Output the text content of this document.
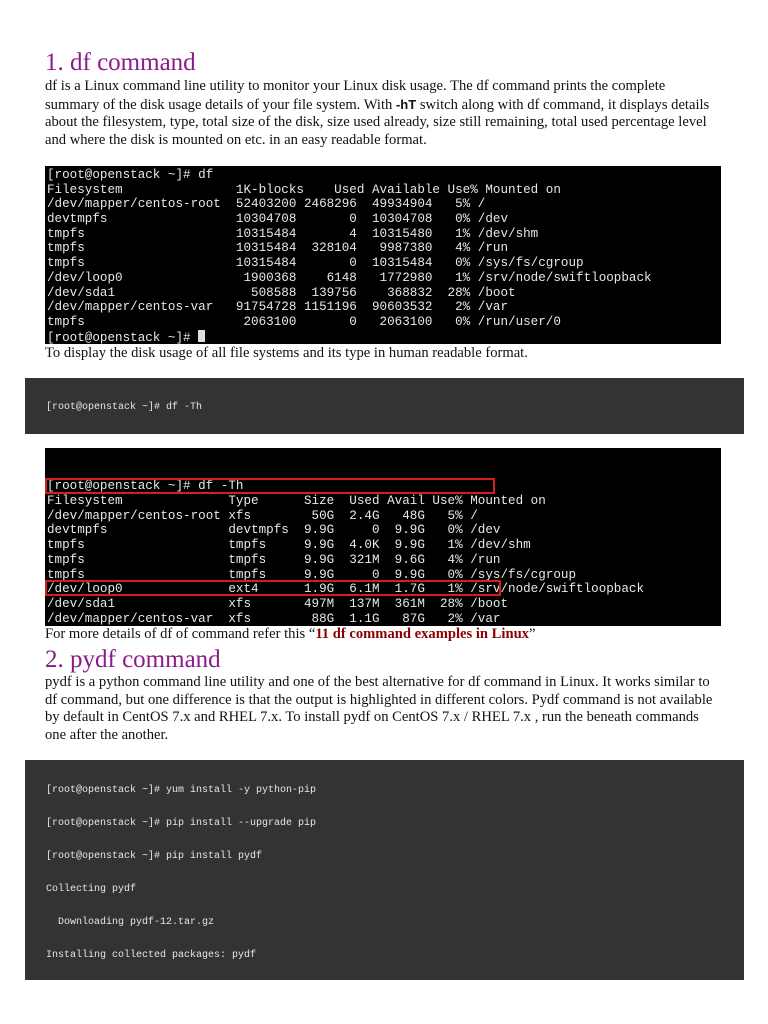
1. df command

df is a Linux command line utility to monitor your Linux disk usage. The df command prints the complete summary of the disk usage details of your file system. With -hT switch along with df command, it displays details about the filesystem, type, total size of the disk, size used already, size still remaining, total used percentage level and where the disk is mounted on etc. in an easy readable format.

[root@openstack ~]# df
Filesystem               1K-blocks    Used Available Use% Mounted on
/dev/mapper/centos-root  52403200 2468296  49934904   5% /
devtmpfs                 10304708       0  10304708   0% /dev
tmpfs                    10315484       4  10315480   1% /dev/shm
tmpfs                    10315484  328104   9987380   4% /run
tmpfs                    10315484       0  10315484   0% /sys/fs/cgroup
/dev/loop0                1900368    6148   1772980   1% /srv/node/swiftloopback
/dev/sda1                  508588  139756    368832  28% /boot
/dev/mapper/centos-var   91754728 1151196  90603532   2% /var
tmpfs                     2063100       0   2063100   0% /run/user/0
[root@openstack ~]#

To display the disk usage of all file systems and its type in human readable format.

[root@openstack ~]# df -Th

[root@openstack ~]# df -Th
Filesystem              Type      Size  Used Avail Use% Mounted on
/dev/mapper/centos-root xfs        50G  2.4G   48G   5% /
devtmpfs                devtmpfs  9.9G     0  9.9G   0% /dev
tmpfs                   tmpfs     9.9G  4.0K  9.9G   1% /dev/shm
tmpfs                   tmpfs     9.9G  321M  9.6G   4% /run
tmpfs                   tmpfs     9.9G     0  9.9G   0% /sys/fs/cgroup
/dev/loop0              ext4      1.9G  6.1M  1.7G   1% /srv/node/swiftloopback
/dev/sda1               xfs       497M  137M  361M  28% /boot
/dev/mapper/centos-var  xfs        88G  1.1G   87G   2% /var

For more details of df of command refer this “11 df command examples in Linux”

2. pydf command

pydf is a python command line utility and one of the best alternative for df command in Linux. It works similar to df command, but one difference is that the output is highlighted in different colors. Pydf command is not available by default in CentOS 7.x and RHEL 7.x. To install pydf on CentOS 7.x / RHEL 7.x , run the beneath commands one after the another.

[root@openstack ~]# yum install -y python-pip
[root@openstack ~]# pip install --upgrade pip
[root@openstack ~]# pip install pydf
Collecting pydf
Downloading pydf-12.tar.gz
Installing collected packages: pydf
